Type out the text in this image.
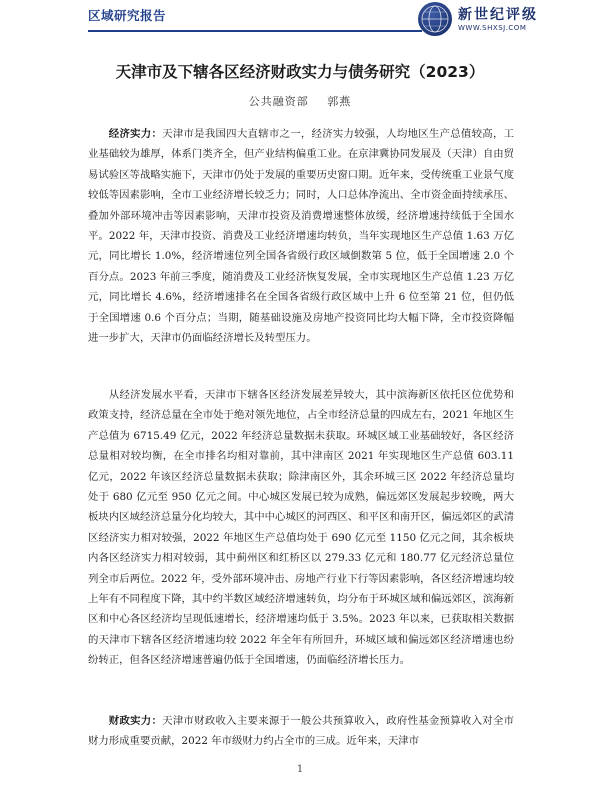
区域研究报告	新世纪评级
WWW.SHXSJ.COM
天津市及下辖各区经济财政实力与债务研究（2023）
公共融资部 郭燕

经济实力：天津市是我国四大直辖市之一，经济实力较强，人均地区生产总值较高，工业基础较为雄厚，体系门类齐全，但产业结构偏重工业。在京津冀协同发展及（天津）自由贸易试验区等战略实施下，天津市仍处于发展的重要历史窗口期。近年来，受传统重工业景气度较低等因素影响，全市工业经济增长较乏力；同时，人口总体净流出、全市资金面持续承压、叠加外部环境冲击等因素影响，天津市投资及消费增速整体放缓，经济增速持续低于全国水平。2022 年，天津市投资、消费及工业经济增速均转负，当年实现地区生产总值 1.63 万亿元，同比增长 1.0%，经济增速位列全国各省级行政区域倒数第 5 位，低于全国增速 2.0 个百分点。2023 年前三季度，随消费及工业经济恢复发展，全市实现地区生产总值 1.23 万亿元，同比增长 4.6%，经济增速排名在全国各省级行政区域中上升 6 位至第 21 位，但仍低于全国增速 0.6 个百分点；当期，随基础设施及房地产投资同比均大幅下降，全市投资降幅进一步扩大，天津市仍面临经济增长及转型压力。

从经济发展水平看，天津市下辖各区经济发展差异较大，其中滨海新区依托区位优势和政策支持，经济总量在全市处于绝对领先地位，占全市经济总量的四成左右，2021 年地区生产总值为 6715.49 亿元，2022 年经济总量数据未获取。环城区域工业基础较好，各区经济总量相对较均衡，在全市排名均相对靠前，其中津南区 2021 年实现地区生产总值 603.11 亿元，2022 年该区经济总量数据未获取；除津南区外，其余环城三区 2022 年经济总量均处于 680 亿元至 950 亿元之间。中心城区发展已较为成熟，偏远郊区发展起步较晚，两大板块内区域经济总量分化均较大，其中中心城区的河西区、和平区和南开区，偏远郊区的武清区经济实力相对较强，2022 年地区生产总值均处于 690 亿元至 1150 亿元之间，其余板块内各区经济实力相对较弱，其中蓟州区和红桥区以 279.33 亿元和 180.77 亿元经济总量位列全市后两位。2022 年，受外部环境冲击、房地产行业下行等因素影响，各区经济增速均较上年有不同程度下降，其中约半数区域经济增速转负，均分布于环城区域和偏远郊区，滨海新区和中心各区经济均呈现低速增长，经济增速均低于 3.5%。2023 年以来，已获取相关数据的天津市下辖各区经济增速均较 2022 年全年有所回升，环城区域和偏远郊区经济增速也纷纷转正，但各区经济增速普遍仍低于全国增速，仍面临经济增长压力。

财政实力：天津市财政收入主要来源于一般公共预算收入，政府性基金预算收入对全市财力形成重要贡献，2022 年市级财力约占全市的三成。近年来，天津市

1
